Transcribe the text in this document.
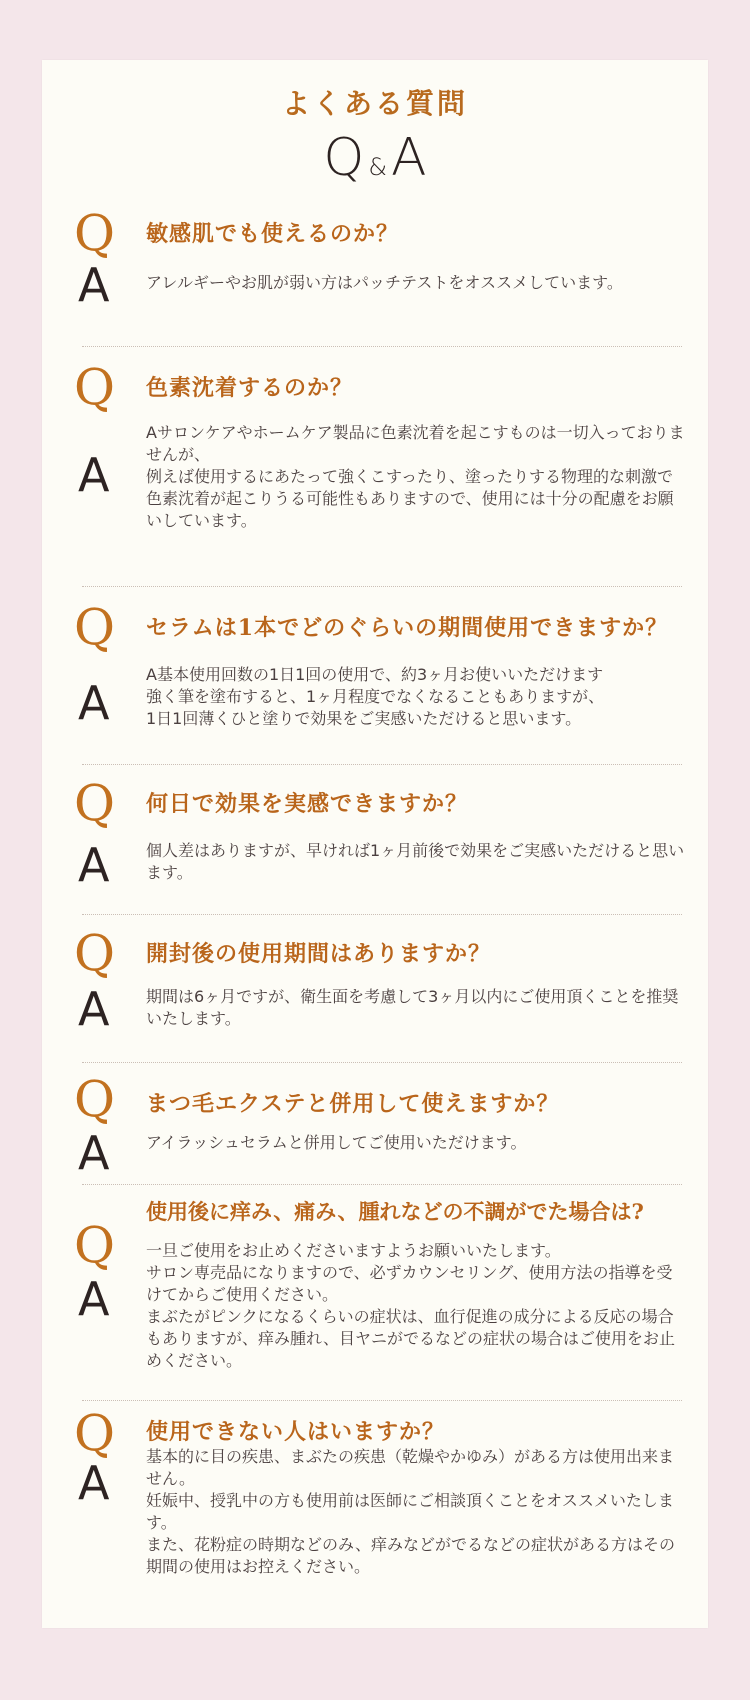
よくある質問
Q &A
Q 敏感肌でも使えるのか？
A アレルギーやお肌が弱い方はパッチテストをオススメしています。

Q 色素沈着するのか？
A

Aサロンケアやホームケア製品に色素沈着を起こすものは一切入っておりませんが、

例えば使用するにあたって強くこすったり、塗ったりする物理的な刺激で

色素沈着が起こりうる可能性もありますので、使用には十分の配慮をお願いしています。

Q セラムは1本でどのぐらいの期間使用できますか？
A

A基本使用回数の1日1回の使用で、約3ヶ月お使いいただけます

強く筆を塗布すると、1ヶ月程度でなくなることもありますが、

1日1回薄くひと塗りで効果をご実感いただけると思います。

Q 何日で効果を実感できますか？
A 個人差はありますが、早ければ1ヶ月前後で効果をご実感いただけると思います。

Q 開封後の使用期間はありますか？
A 期間は6ヶ月ですが、衛生面を考慮して3ヶ月以内にご使用頂くことを推奨いたします。

Q まつ毛エクステと併用して使えますか？
A アイラッシュセラムと併用してご使用いただけます。

使用後に痒み、痛み、腫れなどの不調がでた場合は?
Q
A

一旦ご使用をお止めくださいますようお願いいたします。

サロン専売品になりますので、必ずカウンセリング、使用方法の指導を受けてからご使用ください。

まぶたがピンクになるくらいの症状は、血行促進の成分による反応の場合もありますが、痒み腫れ、目ヤニがでるなどの症状の場合はご使用をお止めください。

Q 使用できない人はいますか？
A 基本的に目の疾患、まぶたの疾患（乾燥やかゆみ）がある方は使用出来ません。

妊娠中、授乳中の方も使用前は医師にご相談頂くことをオススメいたします。

また、花粉症の時期などのみ、痒みなどがでるなどの症状がある方はその期間の使用はお控えください。
